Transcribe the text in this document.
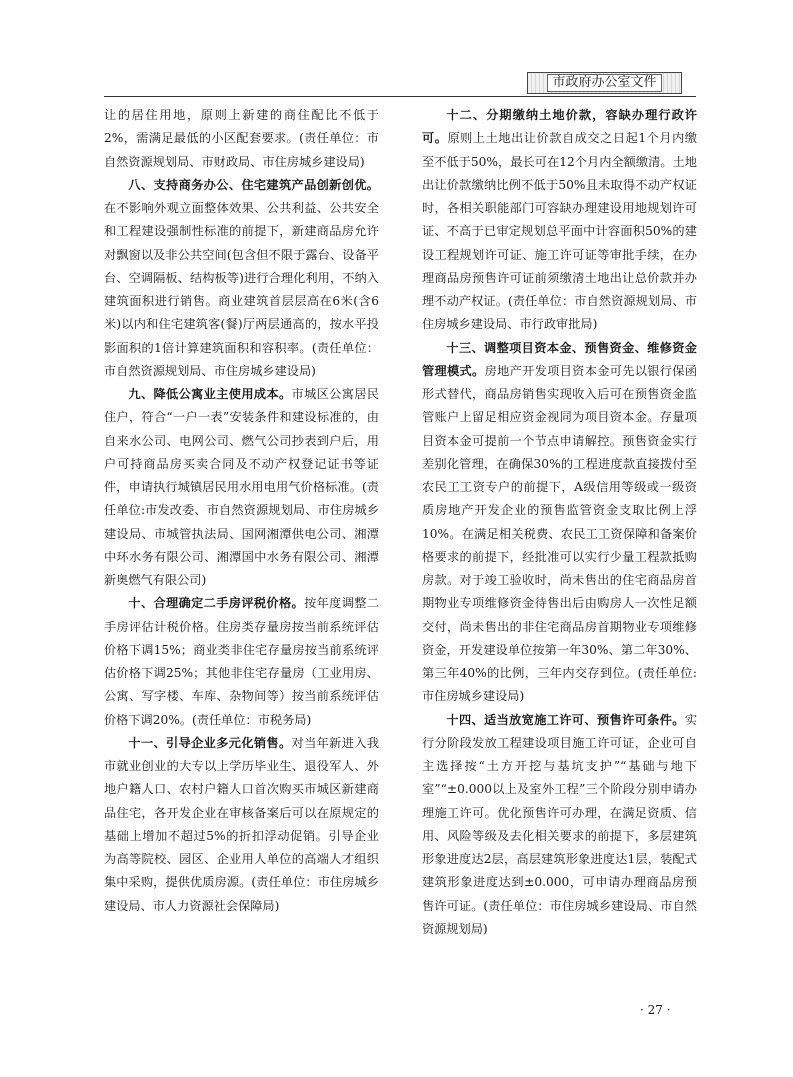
市政府办公室文件

让的居住用地，原则上新建的商住配比不低于2%，需满足最低的小区配套要求。(责任单位：市自然资源规划局、市财政局、市住房城乡建设局)

八、支持商务办公、住宅建筑产品创新创优。在不影响外观立面整体效果、公共利益、公共安全和工程建设强制性标准的前提下，新建商品房允许对飘窗以及非公共空间(包含但不限于露台、设备平台、空调隔板、结构板等)进行合理化利用，不纳入建筑面积进行销售。商业建筑首层层高在6米(含6米)以内和住宅建筑客(餐)厅两层通高的，按水平投影面积的1倍计算建筑面积和容积率。(责任单位：市自然资源规划局、市住房城乡建设局)

九、降低公寓业主使用成本。市城区公寓居民住户，符合“一户一表”安装条件和建设标准的，由自来水公司、电网公司、燃气公司抄表到户后，用户可持商品房买卖合同及不动产权登记证书等证件，申请执行城镇居民用水用电用气价格标准。(责任单位:市发改委、市自然资源规划局、市住房城乡建设局、市城管执法局、国网湘潭供电公司、湘潭中环水务有限公司、湘潭国中水务有限公司、湘潭新奥燃气有限公司)

十、合理确定二手房评税价格。按年度调整二手房评估计税价格。住房类存量房按当前系统评估价格下调15%；商业类非住宅存量房按当前系统评估价格下调25%；其他非住宅存量房（工业用房、公寓、写字楼、车库、杂物间等）按当前系统评估价格下调20%。(责任单位：市税务局)

十一、引导企业多元化销售。对当年新进入我市就业创业的大专以上学历毕业生、退役军人、外地户籍人口、农村户籍人口首次购买市城区新建商品住宅，各开发企业在审核备案后可以在原规定的基础上增加不超过5%的折扣浮动促销。引导企业为高等院校、园区、企业用人单位的高端人才组织集中采购，提供优质房源。(责任单位：市住房城乡建设局、市人力资源社会保障局)

十二、分期缴纳土地价款，容缺办理行政许可。原则上土地出让价款自成交之日起1个月内缴至不低于50%，最长可在12个月内全额缴清。土地出让价款缴纳比例不低于50%且未取得不动产权证时，各相关职能部门可容缺办理建设用地规划许可证、不高于已审定规划总平面中计容面积50%的建设工程规划许可证、施工许可证等审批手续，在办理商品房预售许可证前须缴清土地出让总价款并办理不动产权证。(责任单位：市自然资源规划局、市住房城乡建设局、市行政审批局)

十三、调整项目资本金、预售资金、维修资金管理模式。房地产开发项目资本金可先以银行保函形式替代，商品房销售实现收入后可在预售资金监管账户上留足相应资金视同为项目资本金。存量项目资本金可提前一个节点申请解控。预售资金实行差别化管理，在确保30%的工程进度款直接拨付至农民工工资专户的前提下，A级信用等级或一级资质房地产开发企业的预售监管资金支取比例上浮10%。在满足相关税费、农民工工资保障和备案价格要求的前提下，经批准可以实行少量工程款抵购房款。对于竣工验收时，尚未售出的住宅商品房首期物业专项维修资金待售出后由购房人一次性足额交付，尚未售出的非住宅商品房首期物业专项维修资金，开发建设单位按第一年30%、第二年30%、第三年40%的比例，三年内交存到位。(责任单位: 市住房城乡建设局)

十四、适当放宽施工许可、预售许可条件。实行分阶段发放工程建设项目施工许可证，企业可自主选择按“土方开挖与基坑支护”“基础与地下室”“±0.000以上及室外工程”三个阶段分别申请办理施工许可。优化预售许可办理，在满足资质、信用、风险等级及去化相关要求的前提下，多层建筑形象进度达2层，高层建筑形象进度达1层，装配式建筑形象进度达到±0.000，可申请办理商品房预售许可证。(责任单位：市住房城乡建设局、市自然资源规划局)

· 27 ·
